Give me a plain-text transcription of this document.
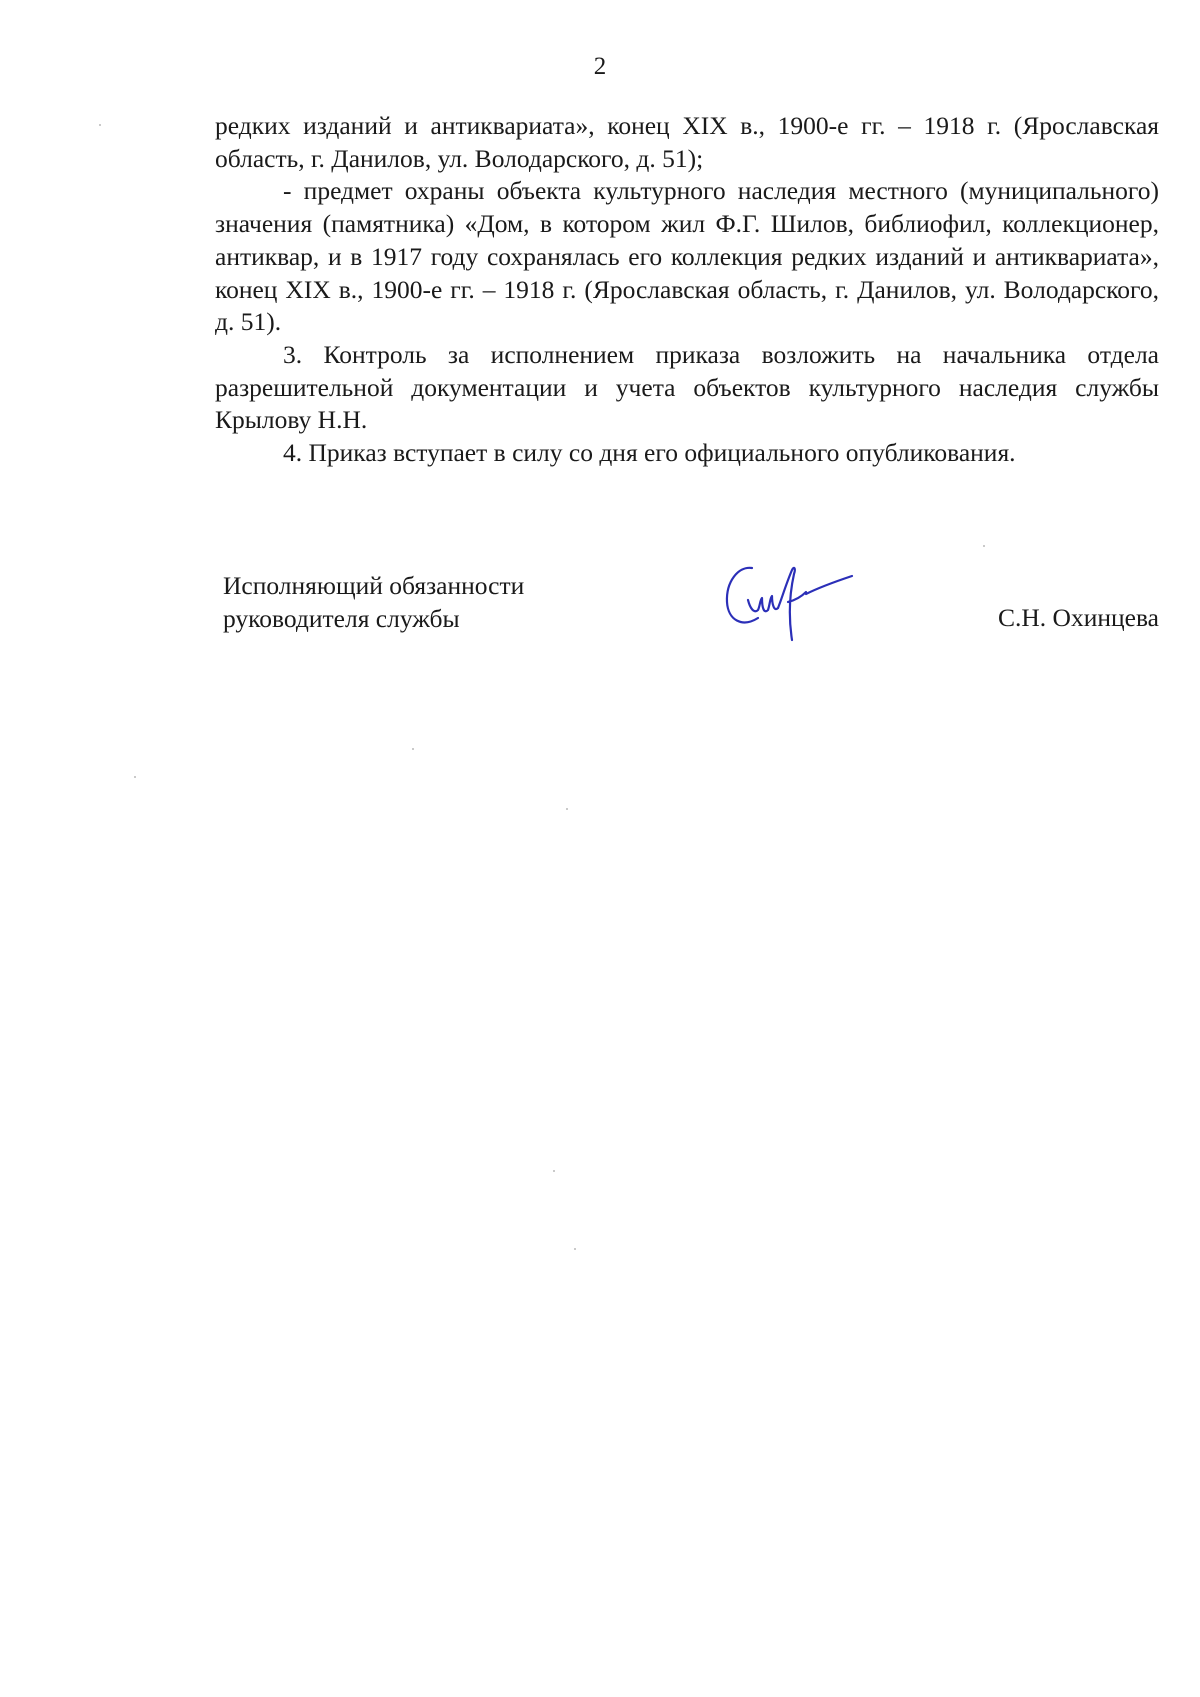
2

редких изданий и антиквариата», конец XIX в., 1900-е гг. – 1918 г. (Ярославская область, г. Данилов, ул. Володарского, д. 51);

- предмет охраны объекта культурного наследия местного (муниципального) значения (памятника) «Дом, в котором жил Ф.Г. Шилов, библиофил, коллекционер, антиквар, и в 1917 году сохранялась его коллекция редких изданий и антиквариата», конец XIX в., 1900-е гг. – 1918 г. (Ярославская область, г. Данилов, ул. Володарского, д. 51).

3. Контроль за исполнением приказа возложить на начальника отдела разрешительной документации и учета объектов культурного наследия службы Крылову Н.Н.

4. Приказ вступает в силу со дня его официального опубликования.

Исполняющий обязанности
руководителя службы	С.Н. Охинцева
